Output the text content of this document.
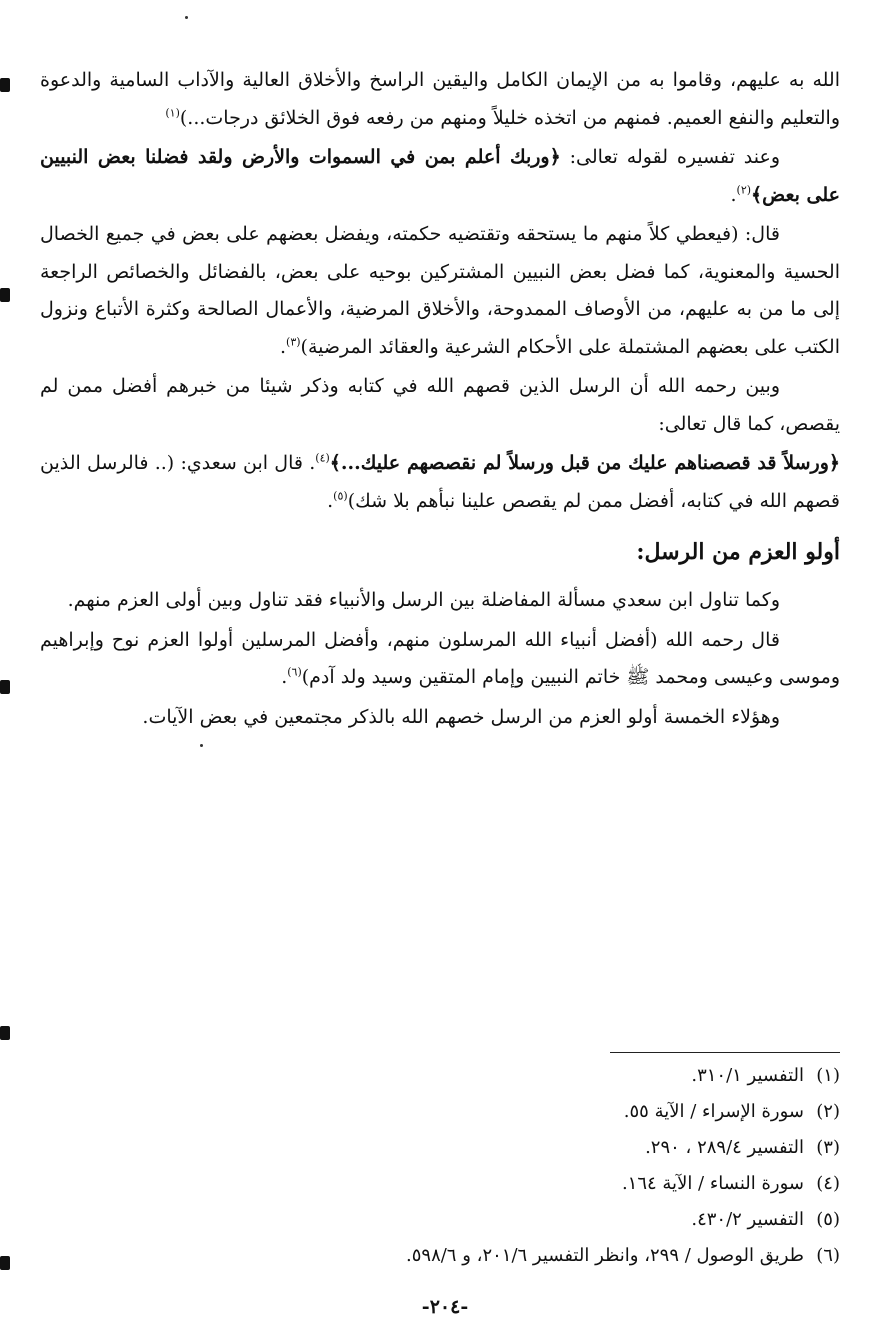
الله به عليهم، وقاموا به من الإيمان الكامل واليقين الراسخ والأخلاق العالية والآداب السامية والدعوة والتعليم والنفع العميم. فمنهم من اتخذه خليلاً ومنهم من رفعه فوق الخلائق درجات...)$^{(١)}$

وعند تفسيره لقوله تعالى: ﴿وربك أعلم بمن في السموات والأرض ولقد فضلنا بعض النبيين على بعض﴾$^{(٢)}$.

قال: (فيعطي كلاً منهم ما يستحقه وتقتضيه حكمته، ويفضل بعضهم على بعض في جميع الخصال الحسية والمعنوية، كما فضل بعض النبيين المشتركين بوحيه على بعض، بالفضائل والخصائص الراجعة إلى ما من به عليهم، من الأوصاف الممدوحة، والأخلاق المرضية، والأعمال الصالحة وكثرة الأتباع ونزول الكتب على بعضهم المشتملة على الأحكام الشرعية والعقائد المرضية)$^{(٣)}$.

وبين رحمه الله أن الرسل الذين قصهم الله في كتابه وذكر شيئا من خبرهم أفضل ممن لم يقصص، كما قال تعالى:

﴿ورسلاً قد قصصناهم عليك من قبل ورسلاً لم نقصصهم عليك...﴾$^{(٤)}$. قال ابن سعدي: (.. فالرسل الذين قصهم الله في كتابه، أفضل ممن لم يقصص علينا نبأهم بلا شك)$^{(٥)}$.

أولو العزم من الرسل:

وكما تناول ابن سعدي مسألة المفاضلة بين الرسل والأنبياء فقد تناول وبين أولى العزم منهم.

قال رحمه الله (أفضل أنبياء الله المرسلون منهم، وأفضل المرسلين أولوا العزم نوح وإبراهيم وموسى وعيسى ومحمد ﷺ خاتم النبيين وإمام المتقين وسيد ولد آدم)$^{(٦)}$.

وهؤلاء الخمسة أولو العزم من الرسل خصهم الله بالذكر مجتمعين في بعض الآيات.

(١)التفسير ٣١٠/١.

(٢)سورة الإسراء / الآية ٥٥.

(٣)التفسير ٢٨٩/٤ ، ٢٩٠.

(٤)سورة النساء / الآية ١٦٤.

(٥)التفسير ٤٣٠/٢.

(٦)طريق الوصول / ٢٩٩، وانظر التفسير ٢٠١/٦، و ٥٩٨/٦.

-٢٠٤-
